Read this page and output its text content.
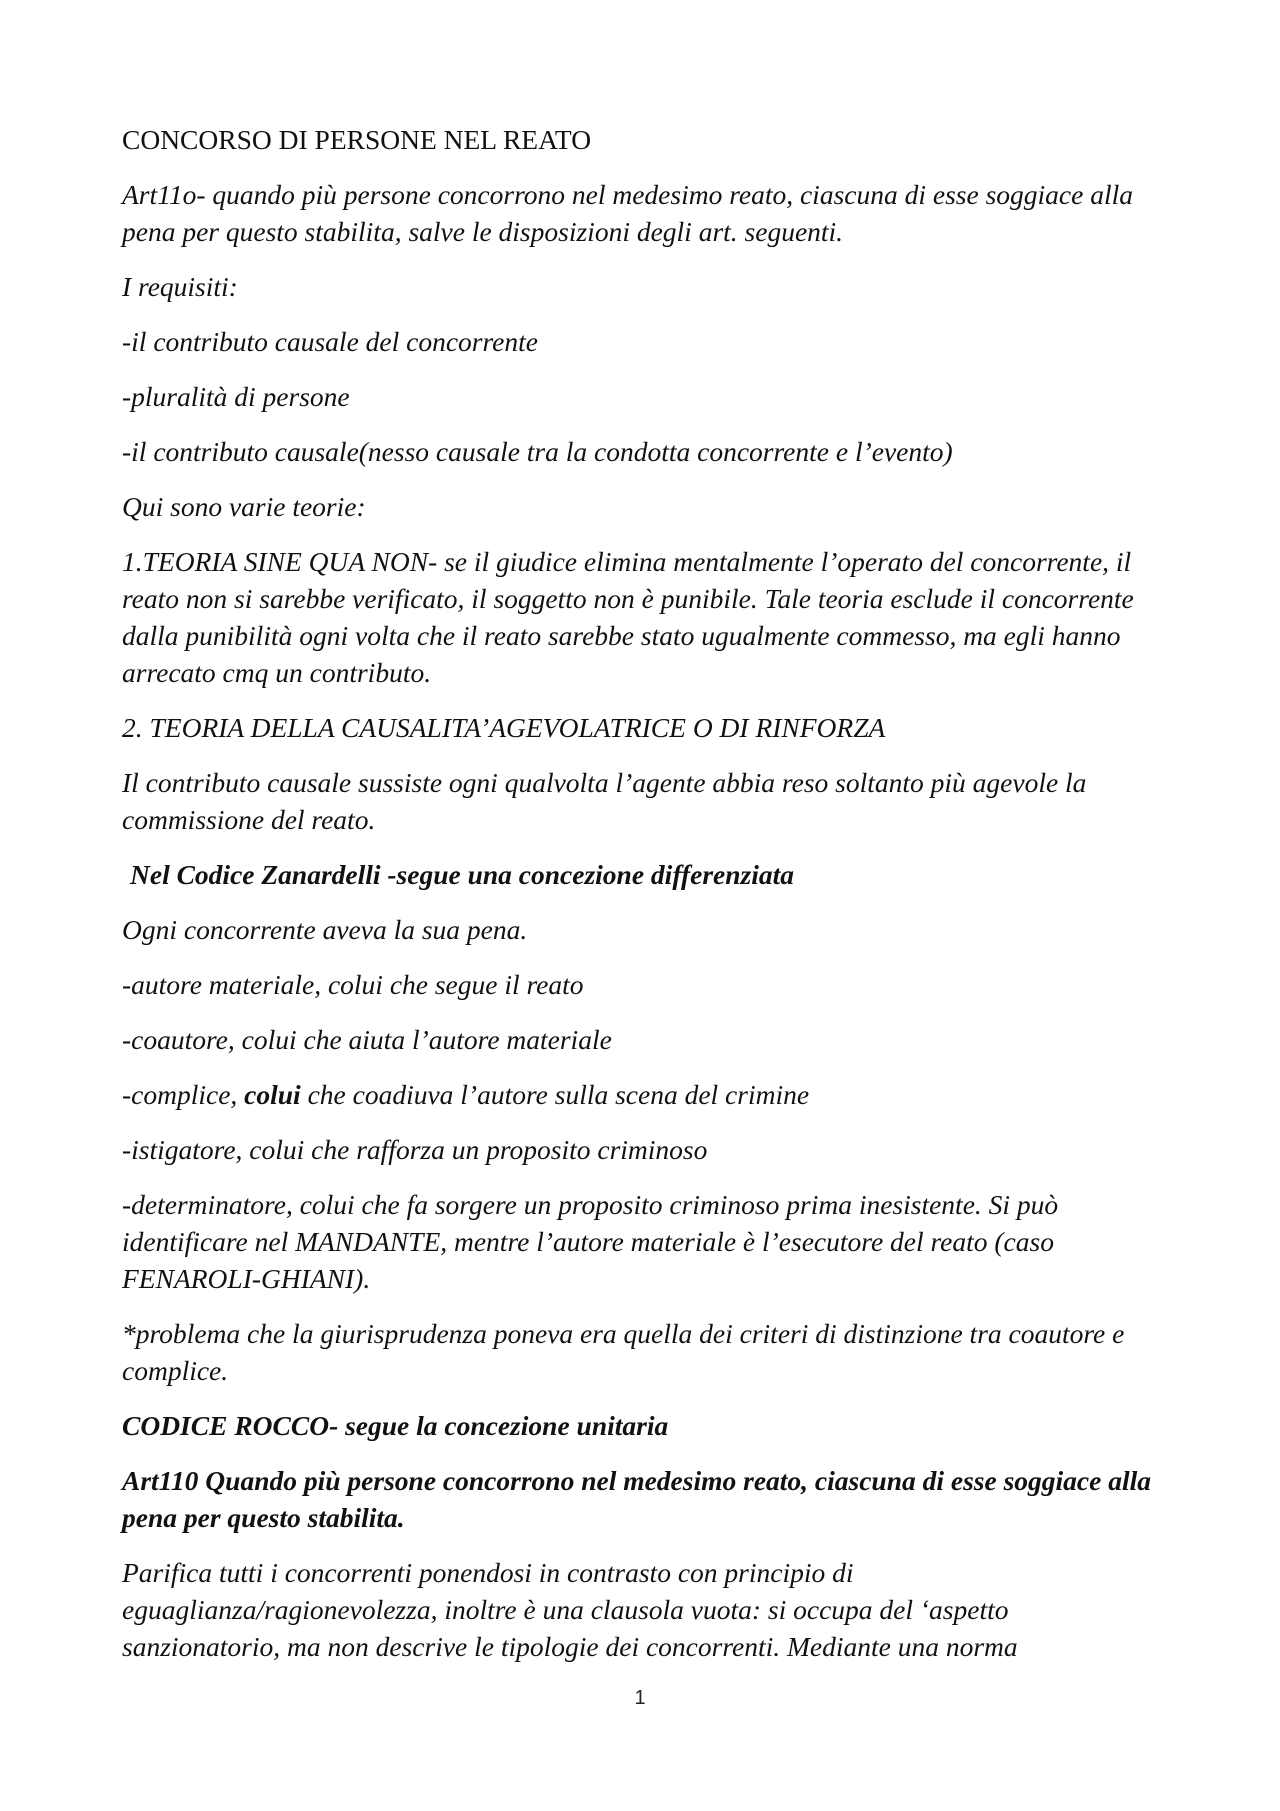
CONCORSO DI PERSONE NEL REATO

Art11o- quando più persone concorrono nel medesimo reato, ciascuna di esse soggiace alla pena per questo stabilita, salve le disposizioni degli art. seguenti.

I requisiti:

-il contributo causale del concorrente

-pluralità di persone

-il contributo causale(nesso causale tra la condotta concorrente e l’evento)

Qui sono varie teorie:

1.TEORIA SINE QUA NON- se il giudice elimina mentalmente l’operato del concorrente, il reato non si sarebbe verificato, il soggetto non è punibile. Tale teoria esclude il concorrente dalla punibilità ogni volta che il reato sarebbe stato ugualmente commesso, ma egli hanno arrecato cmq un contributo.

2. TEORIA DELLA CAUSALITA’AGEVOLATRICE O DI RINFORZA

Il contributo causale sussiste ogni qualvolta l’agente abbia reso soltanto più agevole la commissione del reato.

Nel Codice Zanardelli -segue una concezione differenziata

Ogni concorrente aveva la sua pena.

-autore materiale, colui che segue il reato

-coautore, colui che aiuta l’autore materiale

-complice, colui che coadiuva l’autore sulla scena del crimine

-istigatore, colui che rafforza un proposito criminoso

-determinatore, colui che fa sorgere un proposito criminoso prima inesistente. Si può identificare nel MANDANTE, mentre l’autore materiale è l’esecutore del reato (caso FENAROLI-GHIANI).

*problema che la giurisprudenza poneva era quella dei criteri di distinzione tra coautore e complice.

CODICE ROCCO- segue la concezione unitaria

Art110 Quando più persone concorrono nel medesimo reato, ciascuna di esse soggiace alla pena per questo stabilita.

Parifica tutti i concorrenti ponendosi in contrasto con principio di eguaglianza/ragionevolezza, inoltre è una clausola vuota: si occupa del ‘aspetto sanzionatorio, ma non descrive le tipologie dei concorrenti. Mediante una norma

1
